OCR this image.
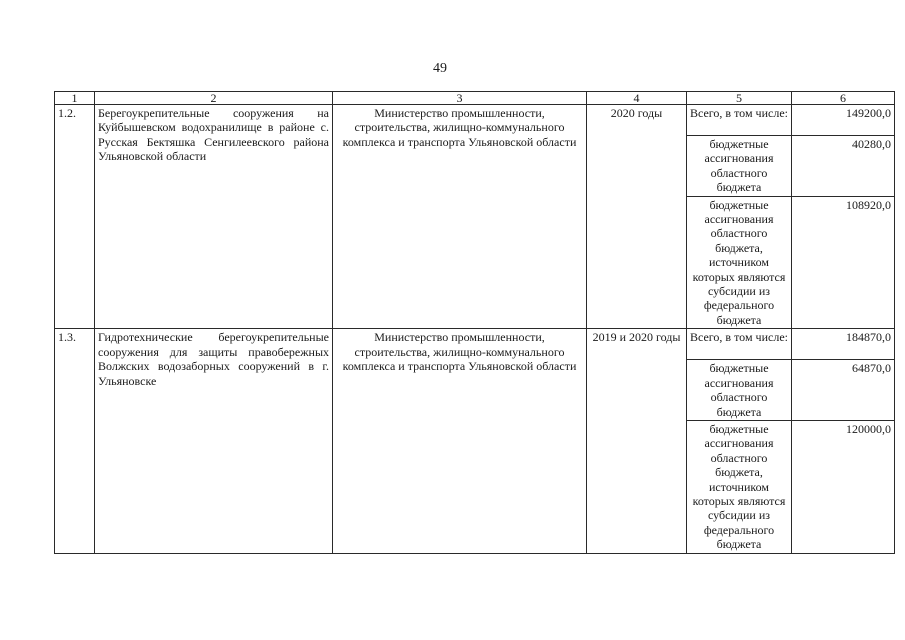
49
1	2	3	4	5	6
1.2.	Берегоукрепительные сооружения на Куйбышевском водохранилище в районе с. Русская Бектяшка Сенгилеевского района Ульяновской области	Министерство промышленности, строительства, жилищно-коммунального комплекса и транспорта Ульяновской области	2020 годы	Всего, в том числе:	149200,0
				бюджетные ассигнования областного бюджета	40280,0
				бюджетные ассигнования областного бюджета, источником которых являются субсидии из федерального бюджета	108920,0
1.3.	Гидротехнические берегоукрепительные сооружения для защиты правобережных Волжских водозаборных сооружений в г. Ульяновске	Министерство промышленности, строительства, жилищно-коммунального комплекса и транспорта Ульяновской области	2019 и 2020 годы	Всего, в том числе:	184870,0
				бюджетные ассигнования областного бюджета	64870,0
				бюджетные ассигнования областного бюджета, источником которых являются субсидии из федерального бюджета	120000,0
